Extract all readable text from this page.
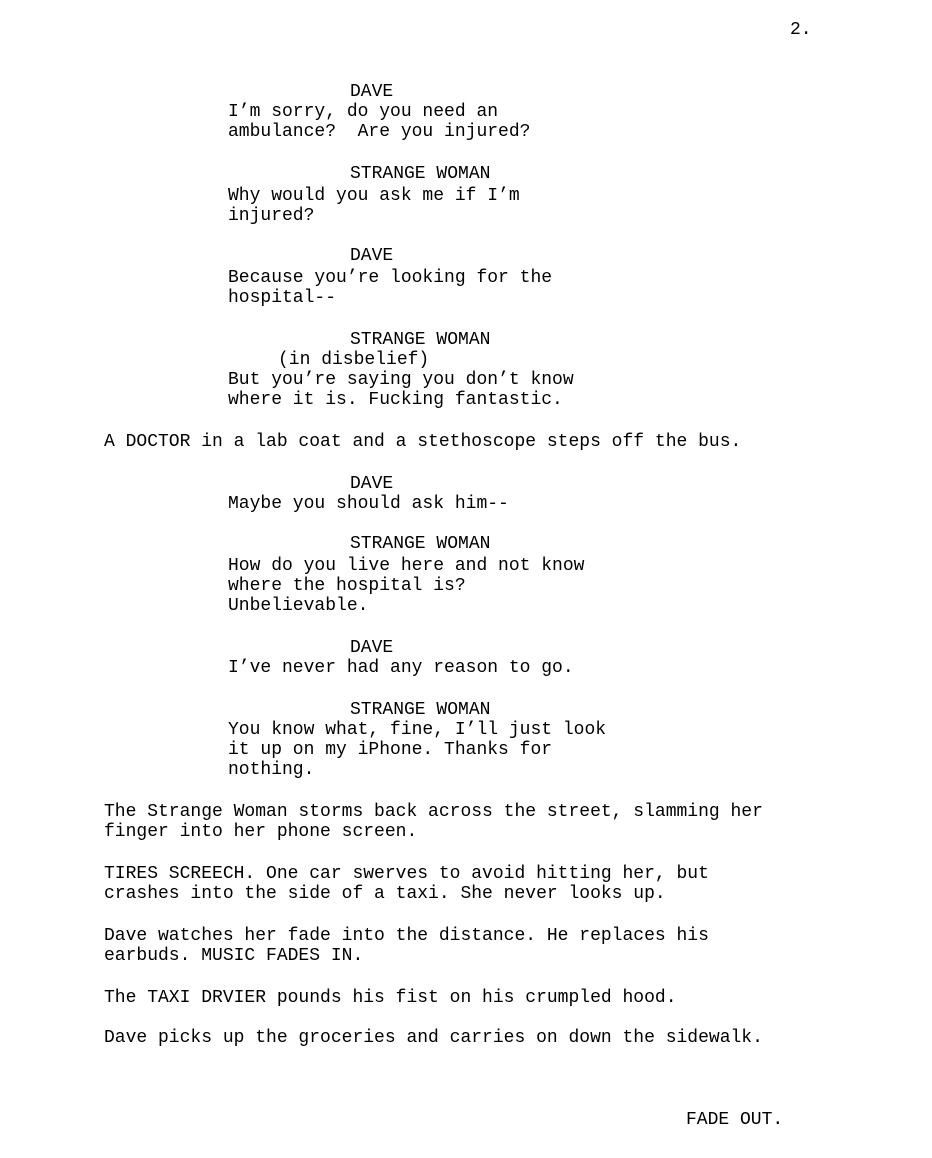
2.
DAVE
I’m sorry, do you need an
ambulance?  Are you injured?
STRANGE WOMAN
Why would you ask me if I’m
injured?
DAVE
Because you’re looking for the
hospital--
STRANGE WOMAN
(in disbelief)
But you’re saying you don’t know
where it is. Fucking fantastic.
A DOCTOR in a lab coat and a stethoscope steps off the bus.
DAVE
Maybe you should ask him--
STRANGE WOMAN
How do you live here and not know
where the hospital is?
Unbelievable.
DAVE
I’ve never had any reason to go.
STRANGE WOMAN
You know what, fine, I’ll just look
it up on my iPhone. Thanks for
nothing.
The Strange Woman storms back across the street, slamming her
finger into her phone screen.
TIRES SCREECH. One car swerves to avoid hitting her, but
crashes into the side of a taxi. She never looks up.
Dave watches her fade into the distance. He replaces his
earbuds. MUSIC FADES IN.
The TAXI DRVIER pounds his fist on his crumpled hood.
Dave picks up the groceries and carries on down the sidewalk.
FADE OUT.
